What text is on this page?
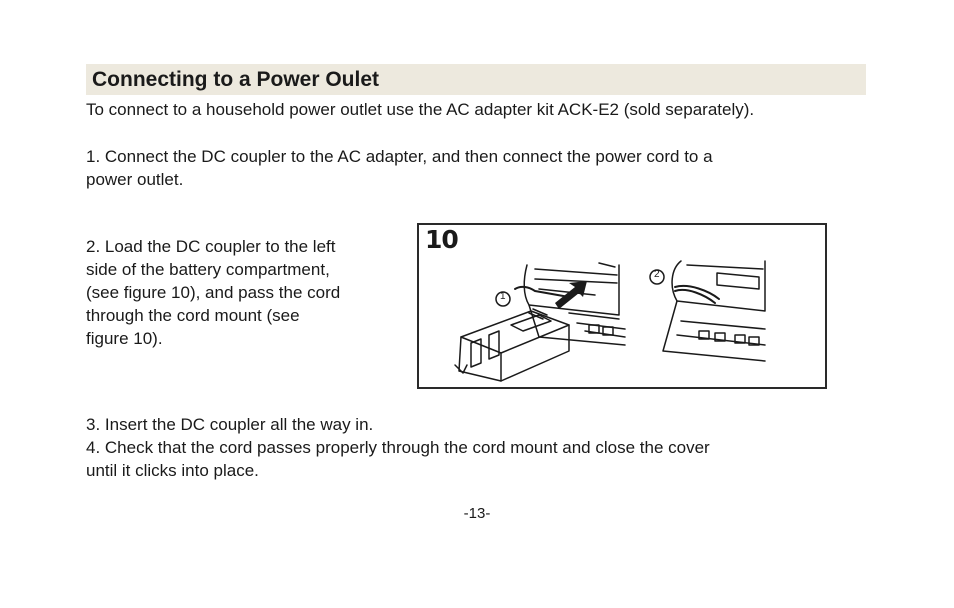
Connecting to a Power Oulet
To connect to a household power outlet use the AC adapter kit ACK-E2 (sold separately).
1. Connect the DC coupler to the AC adapter, and then connect the power cord to a
power outlet.
2. Load the DC coupler to the left
side of the battery compartment,
(see figure 10), and pass the cord
through the cord mount (see
figure 10).
10
1
2
3. Insert the DC coupler all the way in.
4. Check that the cord passes properly through the cord mount and close the cover
until it clicks into place.
-13-
